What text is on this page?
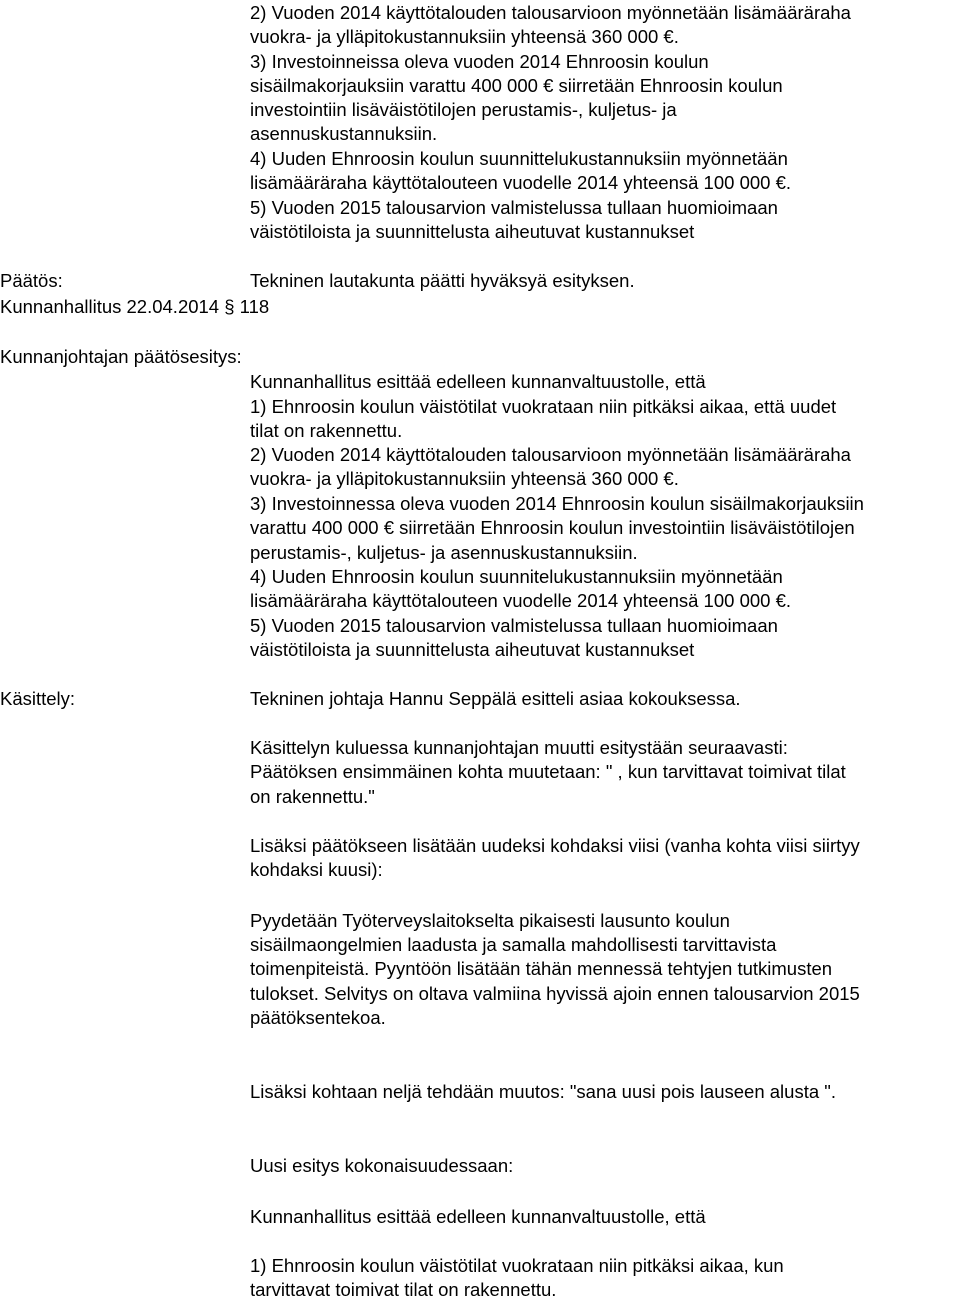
2) Vuoden 2014 käyttötalouden talousarvioon myönnetään lisämääräraha
vuokra- ja ylläpitokustannuksiin yhteensä 360 000 €.
3) Investoinneissa oleva vuoden 2014 Ehnroosin koulun
sisäilmakorjauksiin varattu 400 000 € siirretään Ehnroosin koulun
investointiin lisäväistötilojen perustamis-, kuljetus- ja
asennuskustannuksiin.
4) Uuden Ehnroosin koulun suunnittelukustannuksiin myönnetään
lisämääräraha käyttötalouteen vuodelle 2014 yhteensä 100 000 €.
5) Vuoden 2015 talousarvion valmistelussa tullaan huomioimaan
väistötiloista ja suunnittelusta aiheutuvat kustannukset
Päätös:	Tekninen lautakunta päätti hyväksyä esityksen.
Kunnanhallitus 22.04.2014 § 118
Kunnanjohtajan päätösesitys:
Kunnanhallitus esittää edelleen kunnanvaltuustolle, että
1) Ehnroosin koulun väistötilat vuokrataan niin pitkäksi aikaa, että uudet
tilat on rakennettu.
2) Vuoden 2014 käyttötalouden talousarvioon myönnetään lisämääräraha
vuokra- ja ylläpitokustannuksiin yhteensä 360 000 €.
3) Investoinnessa oleva vuoden 2014 Ehnroosin koulun sisäilmakorjauksiin
varattu 400 000 € siirretään Ehnroosin koulun investointiin lisäväistötilojen
perustamis-, kuljetus- ja asennuskustannuksiin.
4) Uuden Ehnroosin koulun suunnitelukustannuksiin myönnetään
lisämääräraha käyttötalouteen vuodelle 2014 yhteensä 100 000 €.
5) Vuoden 2015 talousarvion valmistelussa tullaan huomioimaan
väistötiloista ja suunnittelusta aiheutuvat kustannukset
Käsittely:	Tekninen johtaja Hannu Seppälä esitteli asiaa kokouksessa.
Käsittelyn kuluessa kunnanjohtajan muutti esitystään seuraavasti:
Päätöksen ensimmäinen kohta muutetaan: " , kun tarvittavat toimivat tilat
on rakennettu."
Lisäksi päätökseen lisätään uudeksi kohdaksi viisi (vanha kohta viisi siirtyy
kohdaksi kuusi):
Pyydetään Työterveyslaitokselta pikaisesti lausunto koulun
sisäilmaongelmien laadusta ja samalla mahdollisesti tarvittavista
toimenpiteistä. Pyyntöön lisätään tähän mennessä tehtyjen tutkimusten
tulokset. Selvitys on oltava valmiina hyvissä ajoin ennen talousarvion 2015
päätöksentekoa.
Lisäksi kohtaan neljä tehdään muutos: "sana uusi pois lauseen alusta ".
Uusi esitys kokonaisuudessaan:
Kunnanhallitus esittää edelleen kunnanvaltuustolle, että
1) Ehnroosin koulun väistötilat vuokrataan niin pitkäksi aikaa, kun
tarvittavat toimivat tilat on rakennettu.
